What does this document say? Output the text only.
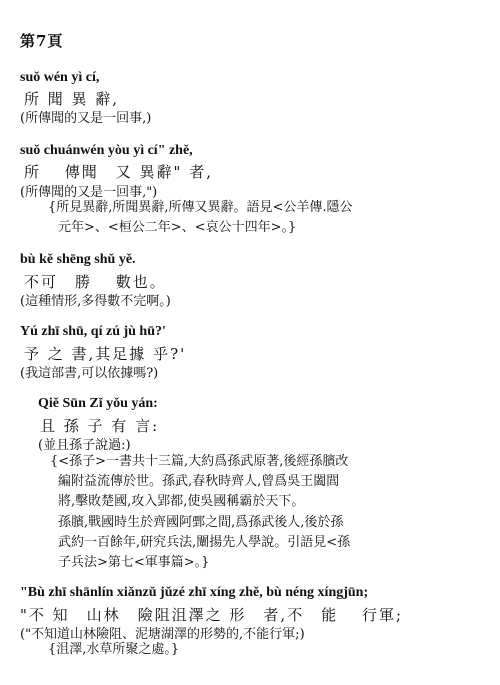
第7頁
suǒ wén yì cí,
所 聞 異 辭,
(所傳聞的又是一回事,)
suǒ chuánwén yòu yì cí" zhě,
所　 傳聞　又 異辭" 者,
(所傳聞的又是一回事,")
{所見異辭,所聞異辭,所傳又異辭。語見<公羊傳.隱公
元年>、<桓公二年>、<哀公十四年>。}
bù kě shēng shǔ yě.
不可　勝　 數也。
(這種情形,多得數不完啊。)
Yú zhī shū, qí zú jù hū?'
予 之 書,其足據 乎?'
(我這部書,可以依據嗎?)
Qiě Sūn Zǐ yǒu yán:
且 孫 子 有 言:
(並且孫子說過:)
{<孫子>一書共十三篇,大約爲孫武原著,後經孫臏改
編附益流傳於世。孫武,春秋時齊人,曾爲吳王闔閭
將,擊敗楚國,攻入郢都,使吳國稱霸於天下。
孫臏,戰國時生於齊國阿鄄之間,爲孫武後人,後於孫
武約一百餘年,研究兵法,闡揚先人學說。引語見<孫
子兵法>第七<軍事篇>。}
"Bù zhī shānlín xiǎnzǔ jǔzé zhī xíng zhě, bù néng xíngjūn;
"不 知　山林　險阻沮澤之 形　者,不　能　 行軍;
("不知道山林險阻、泥塘湖澤的形勢的,不能行軍;)
{沮澤,水草所聚之處。}
